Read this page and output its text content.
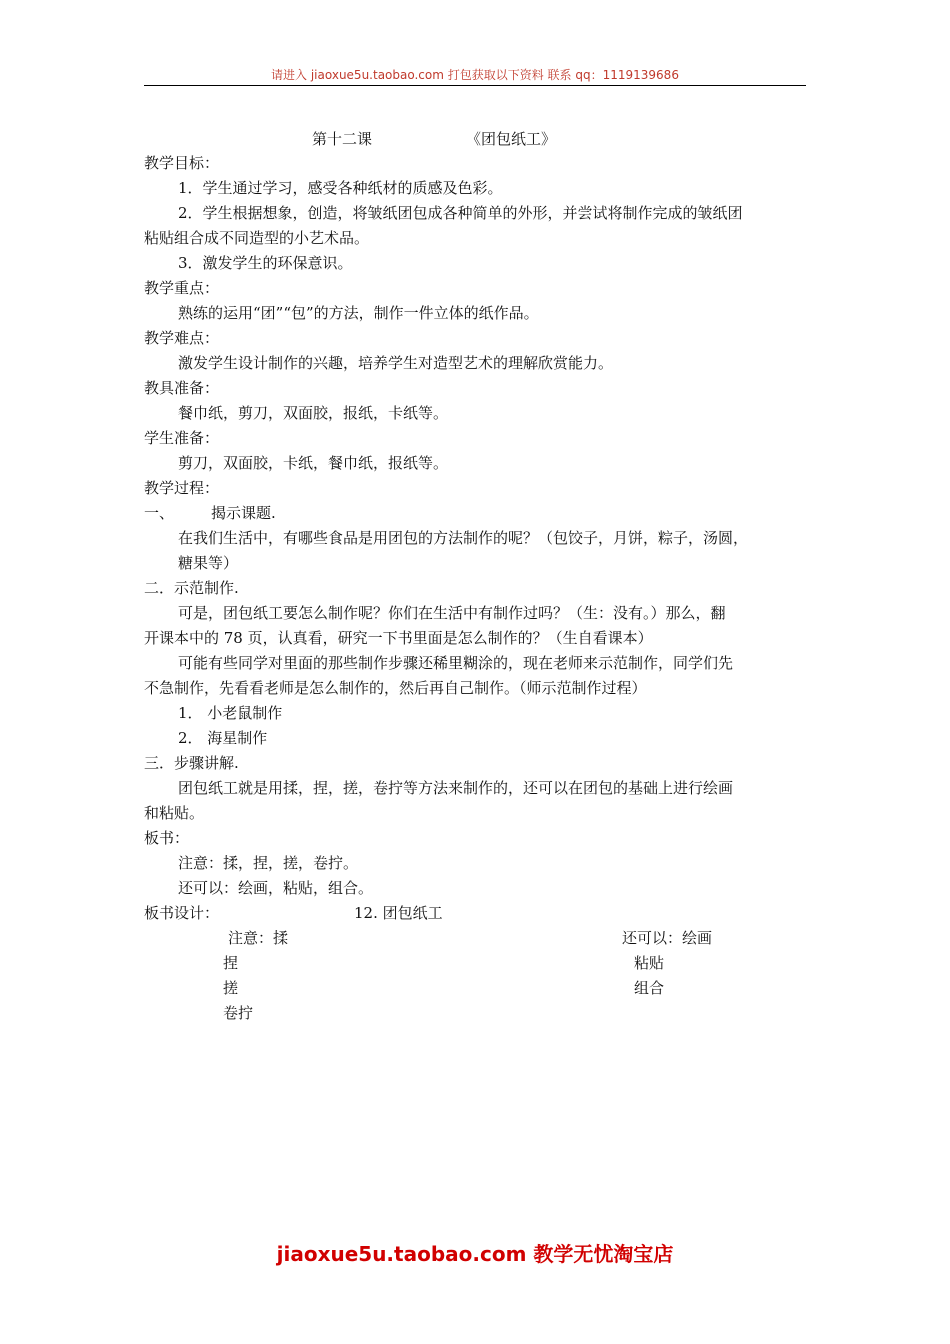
请进入 jiaoxue5u.taobao.com 打包获取以下资料 联系 qq：1119139686
第十二课	《团包纸工》
教学目标：
1．学生通过学习，感受各种纸材的质感及色彩。
2．学生根据想象，创造，将皱纸团包成各种简单的外形，并尝试将制作完成的皱纸团
粘贴组合成不同造型的小艺术品。
3．激发学生的环保意识。
教学重点：
熟练的运用“团”“包”的方法，制作一件立体的纸作品。
教学难点：
激发学生设计制作的兴趣，培养学生对造型艺术的理解欣赏能力。
教具准备：
餐巾纸，剪刀，双面胶，报纸，卡纸等。
学生准备：
剪刀，双面胶，卡纸，餐巾纸，报纸等。
教学过程：
一、 揭示课题.
在我们生活中，有哪些食品是用团包的方法制作的呢？（包饺子，月饼，粽子，汤圆，
糖果等）
二．示范制作.
可是，团包纸工要怎么制作呢？你们在生活中有制作过吗？（生：没有。）那么，翻
开课本中的 78 页，认真看，研究一下书里面是怎么制作的？（生自看课本）
可能有些同学对里面的那些制作步骤还稀里糊涂的，现在老师来示范制作，同学们先
不急制作，先看看老师是怎么制作的，然后再自己制作。（师示范制作过程）
1． 小老鼠制作
2． 海星制作
三．步骤讲解.
团包纸工就是用揉，捏，搓，卷拧等方法来制作的，还可以在团包的基础上进行绘画
和粘贴。
板书：
注意：揉，捏，搓，卷拧。
还可以：绘画，粘贴，组合。
板书设计：	12. 团包纸工
注意：揉
捏
搓
卷拧
还可以：绘画
粘贴
组合
jiaoxue5u.taobao.com 教学无忧淘宝店
